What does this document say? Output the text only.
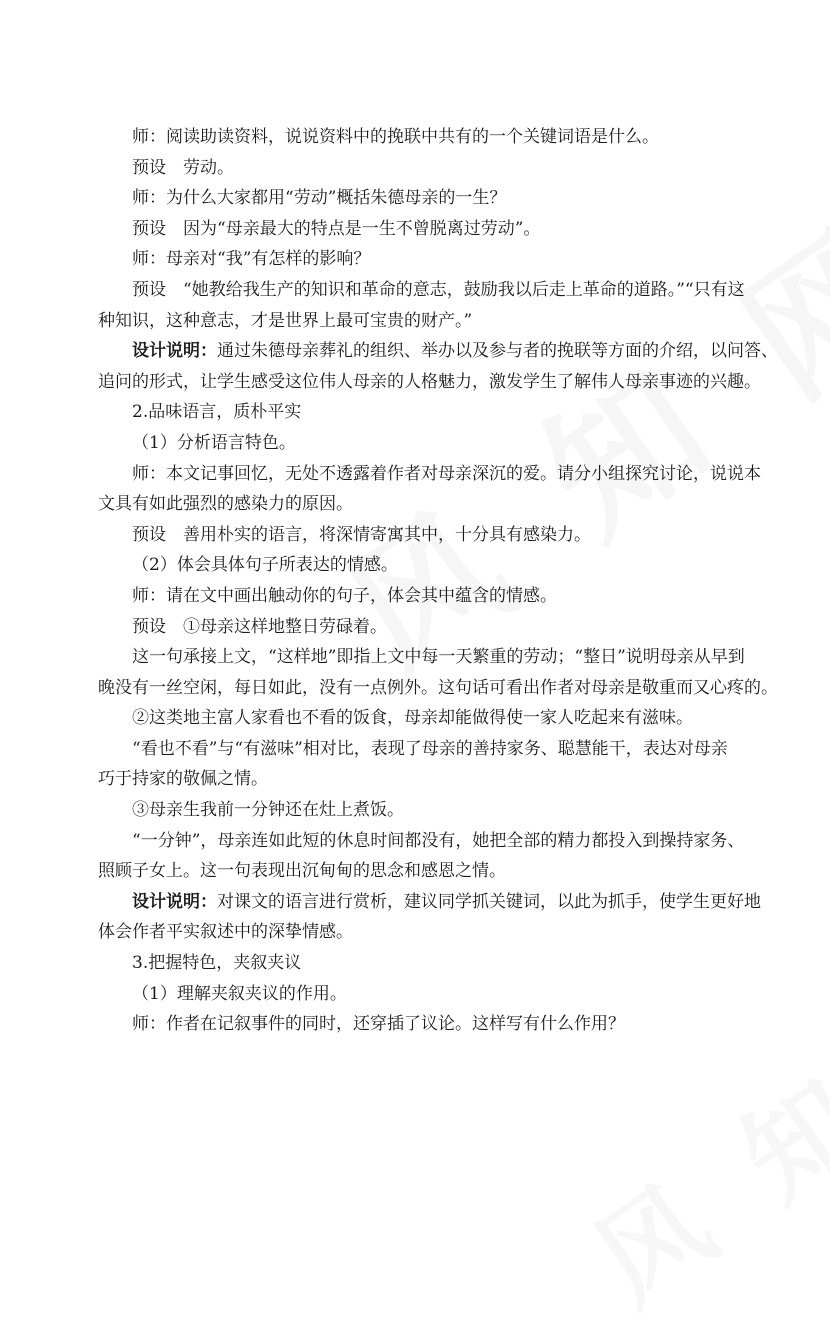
师：阅读助读资料，说说资料中的挽联中共有的一个关键词语是什么。
预设　劳动。
师：为什么大家都用“劳动”概括朱德母亲的一生？
预设　因为“母亲最大的特点是一生不曾脱离过劳动”。
师：母亲对“我”有怎样的影响？
预设　“她教给我生产的知识和革命的意志，鼓励我以后走上革命的道路。”“只有这
种知识，这种意志，才是世界上最可宝贵的财产。”
设计说明：通过朱德母亲葬礼的组织、举办以及参与者的挽联等方面的介绍，以问答、
追问的形式，让学生感受这位伟人母亲的人格魅力，激发学生了解伟人母亲事迹的兴趣。
2.品味语言，质朴平实
（1）分析语言特色。
师：本文记事回忆，无处不透露着作者对母亲深沉的爱。请分小组探究讨论，说说本
文具有如此强烈的感染力的原因。
预设　善用朴实的语言，将深情寄寓其中，十分具有感染力。
（2）体会具体句子所表达的情感。
师：请在文中画出触动你的句子，体会其中蕴含的情感。
预设　①母亲这样地整日劳碌着。
这一句承接上文，“这样地”即指上文中每一天繁重的劳动；“整日”说明母亲从早到
晚没有一丝空闲，每日如此，没有一点例外。这句话可看出作者对母亲是敬重而又心疼的。
②这类地主富人家看也不看的饭食，母亲却能做得使一家人吃起来有滋味。
“看也不看”与“有滋味”相对比，表现了母亲的善持家务、聪慧能干，表达对母亲
巧于持家的敬佩之情。
③母亲生我前一分钟还在灶上煮饭。
“一分钟”，母亲连如此短的休息时间都没有，她把全部的精力都投入到操持家务、
照顾子女上。这一句表现出沉甸甸的思念和感恩之情。
设计说明：对课文的语言进行赏析，建议同学抓关键词，以此为抓手，使学生更好地
体会作者平实叙述中的深挚情感。
3.把握特色，夹叙夹议
（1）理解夹叙夹议的作用。
师：作者在记叙事件的同时，还穿插了议论。这样写有什么作用？
